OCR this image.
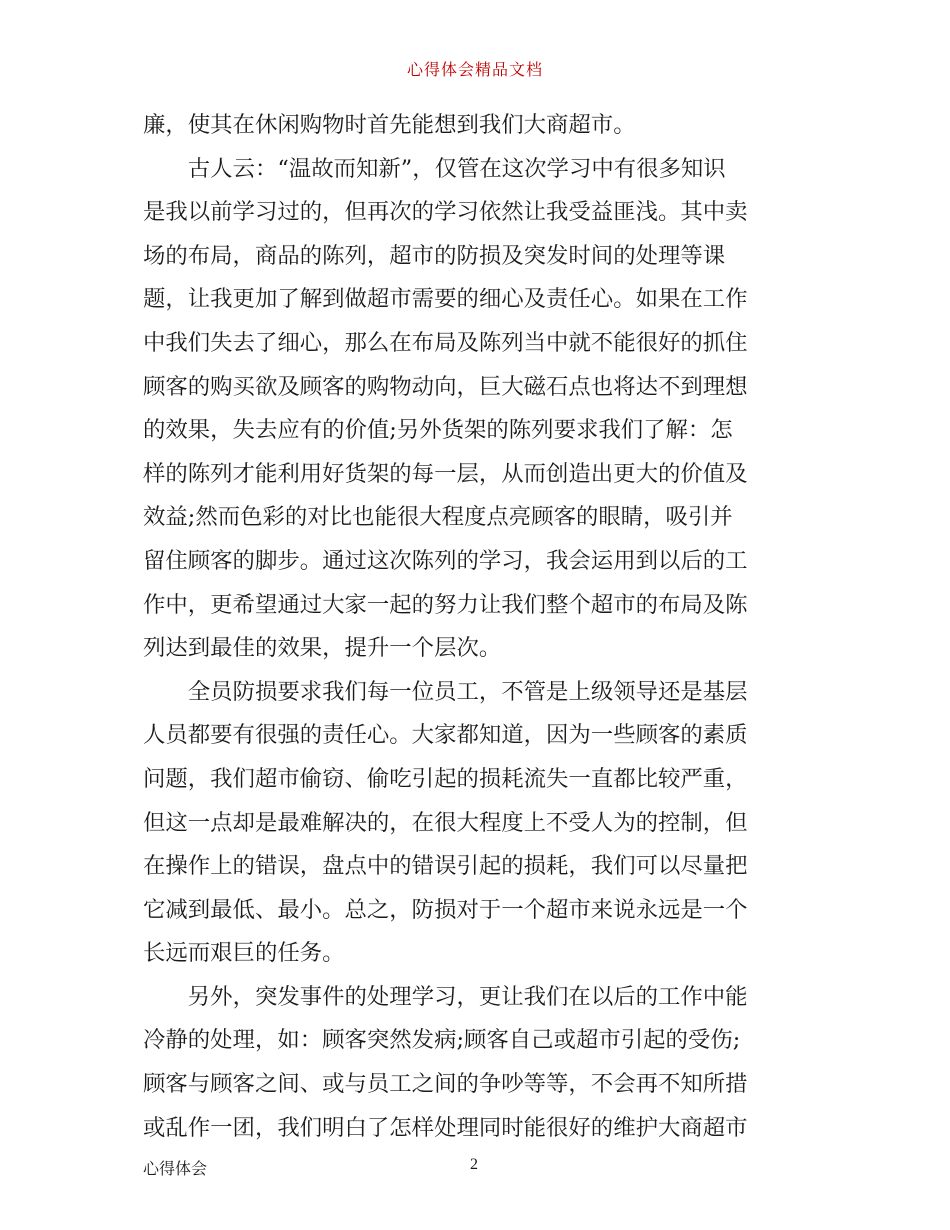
心得体会精品文档
廉，使其在休闲购物时首先能想到我们大商超市。
古人云：“温故而知新”，仅管在这次学习中有很多知识
是我以前学习过的，但再次的学习依然让我受益匪浅。其中卖
场的布局，商品的陈列，超市的防损及突发时间的处理等课
题，让我更加了解到做超市需要的细心及责任心。如果在工作
中我们失去了细心，那么在布局及陈列当中就不能很好的抓住
顾客的购买欲及顾客的购物动向，巨大磁石点也将达不到理想
的效果，失去应有的价值;另外货架的陈列要求我们了解：怎
样的陈列才能利用好货架的每一层，从而创造出更大的价值及
效益;然而色彩的对比也能很大程度点亮顾客的眼睛，吸引并
留住顾客的脚步。通过这次陈列的学习，我会运用到以后的工
作中，更希望通过大家一起的努力让我们整个超市的布局及陈
列达到最佳的效果，提升一个层次。
全员防损要求我们每一位员工，不管是上级领导还是基层
人员都要有很强的责任心。大家都知道，因为一些顾客的素质
问题，我们超市偷窃、偷吃引起的损耗流失一直都比较严重，
但这一点却是最难解决的，在很大程度上不受人为的控制，但
在操作上的错误，盘点中的错误引起的损耗，我们可以尽量把
它减到最低、最小。总之，防损对于一个超市来说永远是一个
长远而艰巨的任务。
另外，突发事件的处理学习，更让我们在以后的工作中能
冷静的处理，如：顾客突然发病;顾客自己或超市引起的受伤;
顾客与顾客之间、或与员工之间的争吵等等，不会再不知所措
或乱作一团，我们明白了怎样处理同时能很好的维护大商超市
心得体会	2
